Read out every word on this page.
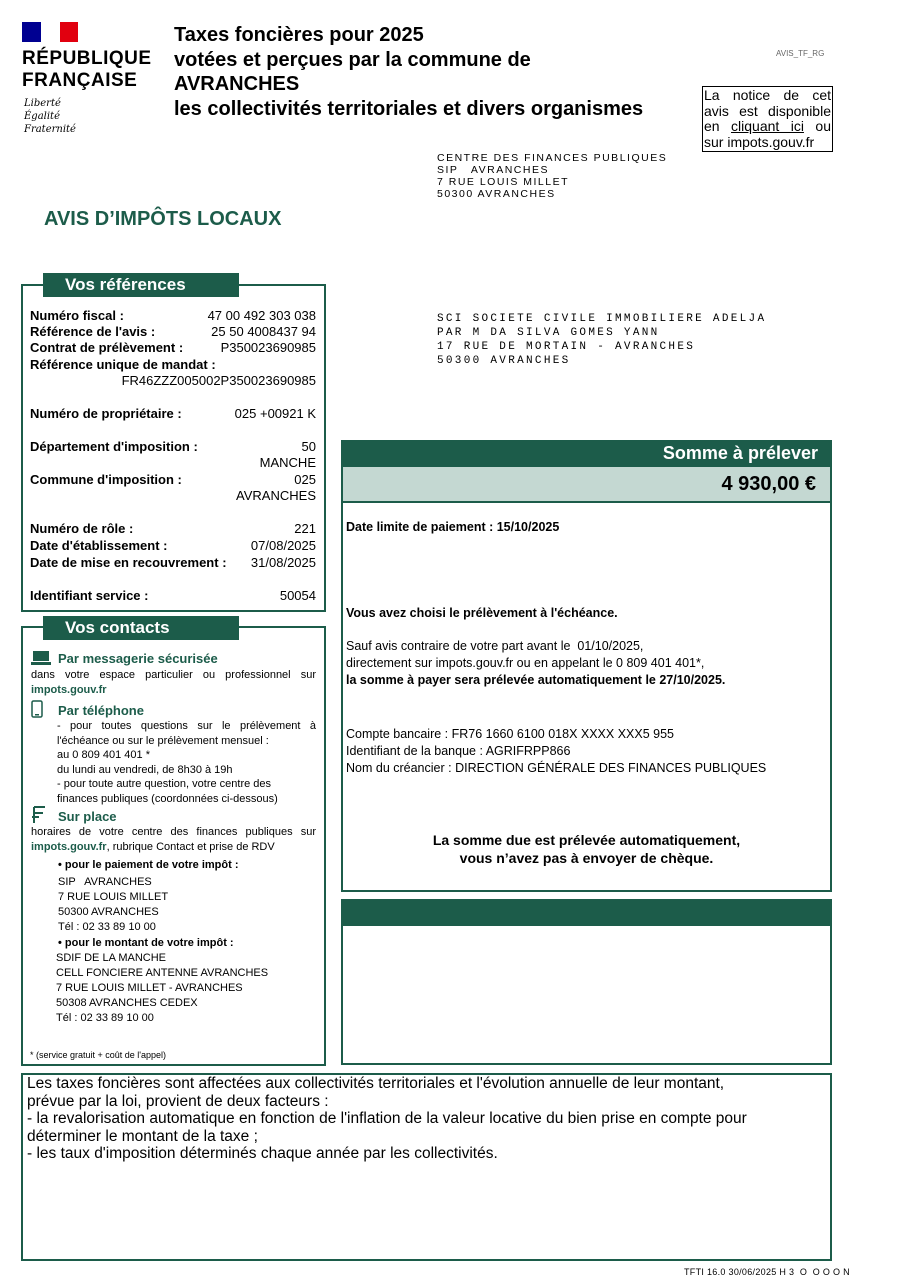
RÉPUBLIQUE
FRANÇAISE
Liberté
Égalité
Fraternité
Taxes foncières pour 2025
votées et perçues par la commune de
AVRANCHES
les collectivités territoriales et divers organismes
AVIS_TF_RG
La notice de cet avis est disponible en cliquant ici ou sur impots.gouv.fr
CENTRE DES FINANCES PUBLIQUES
SIP   AVRANCHES
7 RUE LOUIS MILLET
50300 AVRANCHES
AVIS D’IMPÔTS LOCAUX
Vos références
Numéro fiscal :	47 00 492 303 038
Référence de l'avis :	25 50 4008437 94
Contrat de prélèvement :	P350023690985
Référence unique de mandat :
FR46ZZZ005002P350023690985
Numéro de propriétaire :	025 +00921 K
Département d'imposition :	50
MANCHE
Commune d'imposition :	025
AVRANCHES
Numéro de rôle :	221
Date d'établissement :	07/08/2025
Date de mise en recouvrement : 31/08/2025
Identifiant service :	50054
Vos contacts
Par messagerie sécurisée
dans votre espace particulier ou professionnel sur
impots.gouv.fr
Par téléphone
- pour toutes questions sur le prélèvement à
l'échéance ou sur le prélèvement mensuel :
au 0 809 401 401 *
du lundi au vendredi, de 8h30 à 19h
- pour toute autre question, votre centre des
finances publiques (coordonnées ci-dessous)
Sur place
horaires de votre centre des finances publiques sur
impots.gouv.fr, rubrique Contact et prise de RDV
• pour le paiement de votre impôt :
SIP   AVRANCHES
7 RUE LOUIS MILLET
50300 AVRANCHES
Tél : 02 33 89 10 00
• pour le montant de votre impôt :
SDIF DE LA MANCHE
CELL FONCIERE ANTENNE AVRANCHES
7 RUE LOUIS MILLET - AVRANCHES
50308 AVRANCHES CEDEX
Tél : 02 33 89 10 00
* (service gratuit + coût de l'appel)
SCI SOCIETE CIVILE IMMOBILIERE ADELJA
PAR M DA SILVA GOMES YANN
17 RUE DE MORTAIN - AVRANCHES
50300 AVRANCHES
Somme à prélever
4 930,00 €
Date limite de paiement : 15/10/2025
Vous avez choisi le prélèvement à l'échéance.
Sauf avis contraire de votre part avant le  01/10/2025,
directement sur impots.gouv.fr ou en appelant le 0 809 401 401*,
la somme à payer sera prélevée automatiquement le 27/10/2025.
Compte bancaire : FR76 1660 6100 018X XXXX XXX5 955
Identifiant de la banque : AGRIFRPP866
Nom du créancier : DIRECTION GÉNÉRALE DES FINANCES PUBLIQUES
La somme due est prélevée automatiquement,
vous n’avez pas à envoyer de chèque.
Les taxes foncières sont affectées aux collectivités territoriales et l'évolution annuelle de leur montant,
prévue par la loi, provient de deux facteurs :
- la revalorisation automatique en fonction de l'inflation de la valeur locative du bien prise en compte pour
déterminer le montant de la taxe ;
- les taux d'imposition déterminés chaque année par les collectivités.
TFTI 16.0 30/06/2025 H 3  O  O O O N
